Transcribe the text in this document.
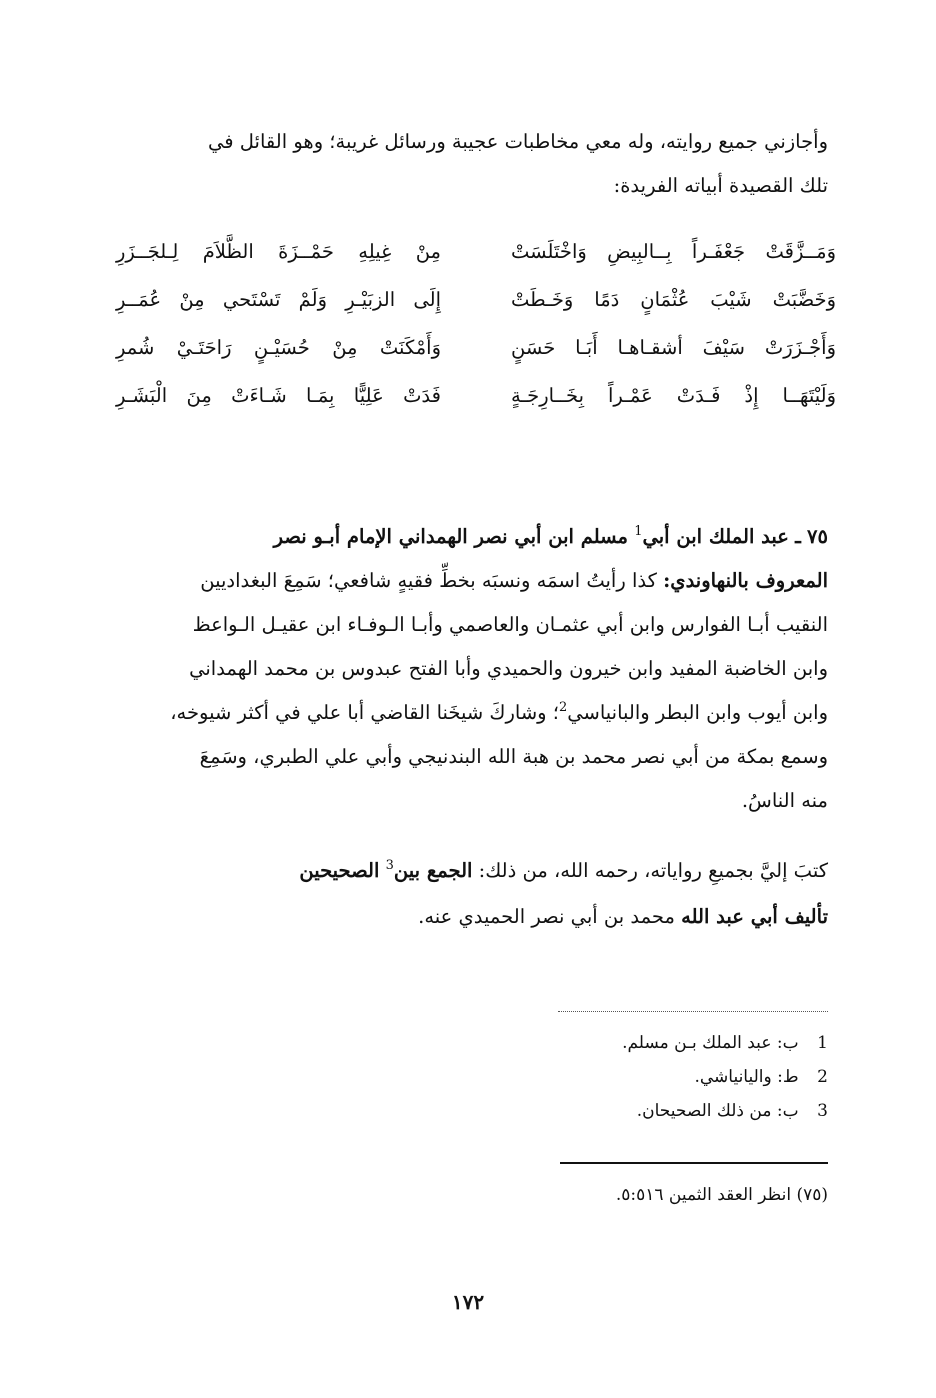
وأجازني جميع روايته، وله معي مخاطبات عجيبة ورسائل غريبة؛ وهو القائل في

تلك القصيدة أبياته الفريدة:

وَمَــزَّقَتْ جَعْفَـراً بِــالبِيضِ وَاخْتَلَسَتْ
مِنْ غِيلِهِ حَمْــزَةَ الظَّلاَمَ لِـلجَــزَرِ
وَخَضَّبَتْ شَيْبَ عُثْمَانٍ دَمًا وَخَـطَتْ
إِلَى الزبَيْـرِ وَلَمْ تَسْتَحي مِنْ عُمَــرِ
وَأَجْـزَرَتْ سَيْفَ أشقـاهـا أَبَـا حَسَنٍ
وَأَمْكَنَتْ مِنْ حُسَيْـنٍ رَاحَتَـيْ شُمرِ
وَلَيْتَهَــا إِذْ فَـدَتْ عَمْـراً بِخَــارِجَـةٍ
فَدَتْ عَلِيًّا بِمَـا شَـاءَتْ مِنَ الْبَشَـرِ

٧٥ ـ عبد الملك ابن أبي$^1$ مسلم ابن أبي نصر الهمداني الإمام أبـو نصر

المعروف بالنهاوندي: كذا رأيتُ اسمَه ونسبَه بخطِّ فقيهٍ شافعي؛ سَمِعَ البغداديين

النقيب أبـا الفوارس وابن أبي عثمـان والعاصمي وأبـا الـوفـاء ابن عقيـل الـواعظ

وابن الخاضبة المفيد وابن خيرون والحميدي وأبا الفتح عبدوس بن محمد الهمداني

وابن أيوب وابن البطر والبانياسي$^2$؛ وشاركَ شيخَنا القاضي أبا علي في أكثر شيوخه،

وسمع بمكة من أبي نصر محمد بن هبة الله البندنيجي وأبي علي الطبري، وسَمِعَ

منه الناسُ.

كتبَ إليَّ بجميعِ رواياته، رحمه الله، من ذلك: الجمع بين$^3$ الصحيحين

تأليف أبي عبد الله محمد بن أبي نصر الحميدي عنه.

1 ب: عبد الملك بـن مسلم.
2 ط: واليانياشي.
3 ب: من ذلك الصحيحان.
(٧٥) انظر العقد الثمين ٥:٥١٦.
١٧٢
